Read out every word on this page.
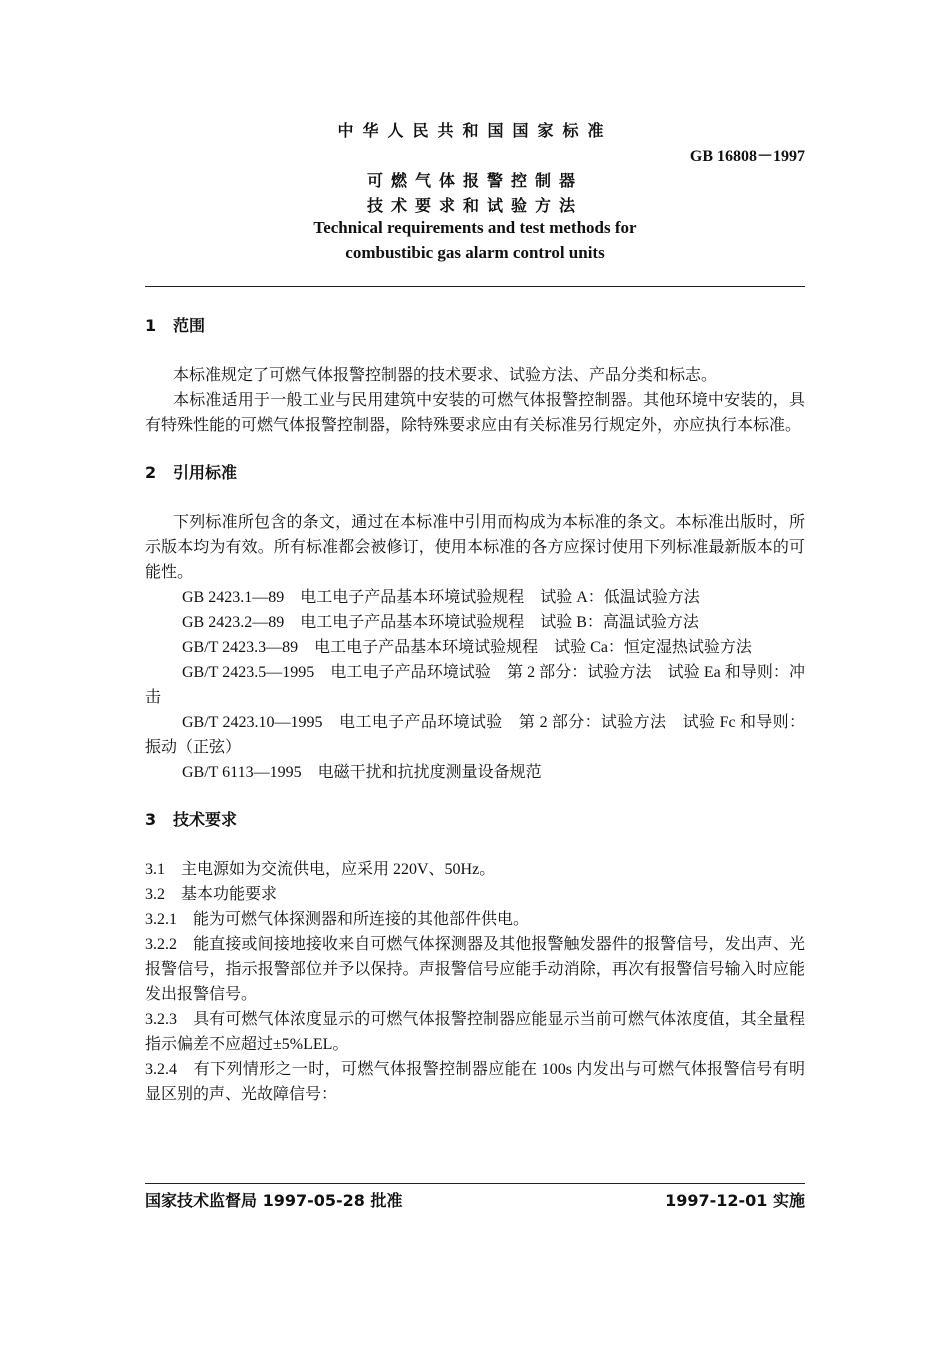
中华人民共和国国家标准
GB 16808－1997
可燃气体报警控制器
技术要求和试验方法
Technical requirements and test methods for
combustibic gas alarm control units
1 范围

本标准规定了可燃气体报警控制器的技术要求、试验方法、产品分类和标志。

本标准适用于一般工业与民用建筑中安装的可燃气体报警控制器。其他环境中安装的，具有特殊性能的可燃气体报警控制器，除特殊要求应由有关标准另行规定外，亦应执行本标准。

2 引用标准

下列标准所包含的条文，通过在本标准中引用而构成为本标准的条文。本标准出版时，所示版本均为有效。所有标准都会被修订，使用本标准的各方应探讨使用下列标准最新版本的可能性。

GB 2423.1—89　电工电子产品基本环境试验规程　试验 A：低温试验方法

GB 2423.2—89　电工电子产品基本环境试验规程　试验 B：高温试验方法

GB/T 2423.3—89　电工电子产品基本环境试验规程　试验 Ca：恒定湿热试验方法

GB/T 2423.5—1995　电工电子产品环境试验　第 2 部分：试验方法　试验 Ea 和导则：冲击

GB/T 2423.10—1995　电工电子产品环境试验　第 2 部分：试验方法　试验 Fc 和导则：振动（正弦）

GB/T 6113—1995　电磁干扰和抗扰度测量设备规范

3 技术要求

3.1　主电源如为交流供电，应采用 220V、50Hz。

3.2　基本功能要求

3.2.1　能为可燃气体探测器和所连接的其他部件供电。

3.2.2　能直接或间接地接收来自可燃气体探测器及其他报警触发器件的报警信号，发出声、光报警信号，指示报警部位并予以保持。声报警信号应能手动消除，再次有报警信号输入时应能发出报警信号。

3.2.3　具有可燃气体浓度显示的可燃气体报警控制器应能显示当前可燃气体浓度值，其全量程指示偏差不应超过±5%LEL。

3.2.4　有下列情形之一时，可燃气体报警控制器应能在 100s 内发出与可燃气体报警信号有明显区别的声、光故障信号：

国家技术监督局 1997-05-28 批准	1997-12-01 实施
